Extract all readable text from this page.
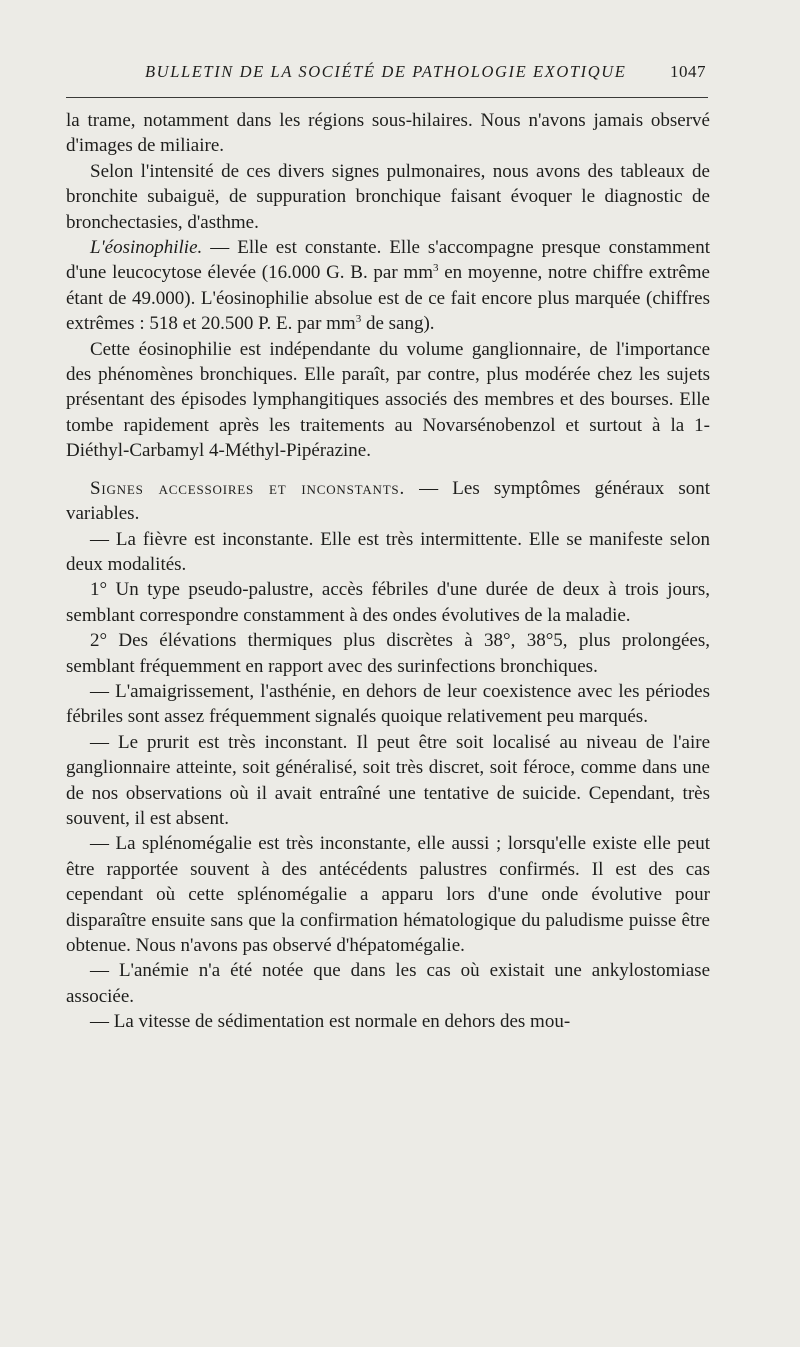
BULLETIN DE LA SOCIÉTÉ DE PATHOLOGIE EXOTIQUE	1047

la trame, notamment dans les régions sous-hilaires. Nous n'avons jamais observé d'images de miliaire.

Selon l'intensité de ces divers signes pulmonaires, nous avons des tableaux de bronchite subaiguë, de suppuration bronchique faisant évoquer le diagnostic de bronchectasies, d'asthme.

L'éosinophilie. — Elle est constante. Elle s'accompagne presque constamment d'une leucocytose élevée (16.000 G. B. par $mm^3$ en moyenne, notre chiffre extrême étant de 49.000). L'éosinophilie absolue est de ce fait encore plus marquée (chiffres extrêmes : 518 et 20.500 P. E. par $mm^3$ de sang).

Cette éosinophilie est indépendante du volume ganglionnaire, de l'importance des phénomènes bronchiques. Elle paraît, par contre, plus modérée chez les sujets présentant des épisodes lymphangitiques associés des membres et des bourses. Elle tombe rapidement après les traitements au Novarsénobenzol et surtout à la 1-Diéthyl-Carbamyl 4-Méthyl-Pipérazine.

Signes accessoires et inconstants. — Les symptômes généraux sont variables.

— La fièvre est inconstante. Elle est très intermittente. Elle se manifeste selon deux modalités.

1° Un type pseudo-palustre, accès fébriles d'une durée de deux à trois jours, semblant correspondre constamment à des ondes évolutives de la maladie.

2° Des élévations thermiques plus discrètes à 38°, 38°5, plus prolongées, semblant fréquemment en rapport avec des surinfections bronchiques.

— L'amaigrissement, l'asthénie, en dehors de leur coexistence avec les périodes fébriles sont assez fréquemment signalés quoique relativement peu marqués.

— Le prurit est très inconstant. Il peut être soit localisé au niveau de l'aire ganglionnaire atteinte, soit généralisé, soit très discret, soit féroce, comme dans une de nos observations où il avait entraîné une tentative de suicide. Cependant, très souvent, il est absent.

— La splénomégalie est très inconstante, elle aussi ; lorsqu'elle existe elle peut être rapportée souvent à des antécédents palustres confirmés. Il est des cas cependant où cette splénomégalie a apparu lors d'une onde évolutive pour disparaître ensuite sans que la confirmation hématologique du paludisme puisse être obtenue. Nous n'avons pas observé d'hépatomégalie.

— L'anémie n'a été notée que dans les cas où existait une ankylostomiase associée.

— La vitesse de sédimentation est normale en dehors des mou-
